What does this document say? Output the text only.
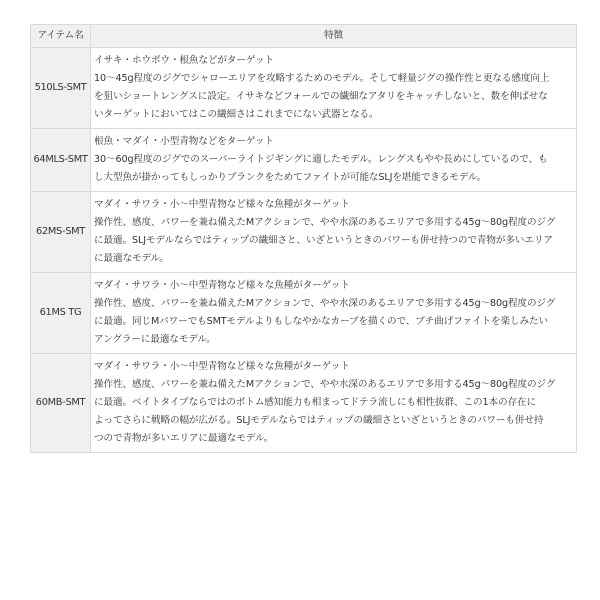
アイテム名	特徴
510LS-SMT	イサキ・ホウボウ・根魚などがターゲット
10～45g程度のジグでシャローエリアを攻略するためのモデル。そして軽量ジグの操作性と更なる感度向上
を狙いショートレングスに設定。イサキなどフォールでの繊細なアタリをキャッチしないと、数を伸ばせな
いターゲットにおいてはこの繊細さはこれまでにない武器となる。

64MLS-SMT	根魚・マダイ・小型青物などをターゲット
30～60g程度のジグでのスーパーライトジギングに適したモデル。レングスもやや長めにしているので、も
し大型魚が掛かってもしっかりブランクをためてファイトが可能なSLJを堪能できるモデル。

62MS-SMT	マダイ・サワラ・小～中型青物など様々な魚種がターゲット
操作性、感度、パワーを兼ね備えたMアクションで、やや水深のあるエリアで多用する45g～80g程度のジグ
に最適。SLJモデルならではティップの繊細さと、いざというときのパワーも併せ持つので青物が多いエリア
に最適なモデル。

61MS TG	マダイ・サワラ・小～中型青物など様々な魚種がターゲット
操作性、感度、パワーを兼ね備えたMアクションで、やや水深のあるエリアで多用する45g～80g程度のジグ
に最適。同じMパワーでもSMTモデルよりもしなやかなカーブを描くので、ブチ曲げファイトを楽しみたい
アングラーに最適なモデル。

60MB-SMT	マダイ・サワラ・小～中型青物など様々な魚種がターゲット
操作性、感度、パワーを兼ね備えたMアクションで、やや水深のあるエリアで多用する45g～80g程度のジグ
に最適。ベイトタイプならではのボトム感知能力も相まってドテラ流しにも相性抜群、この1本の存在に
よってさらに戦略の幅が広がる。SLJモデルならではティップの繊細さといざというときのパワーも併せ持
つので青物が多いエリアに最適なモデル。
